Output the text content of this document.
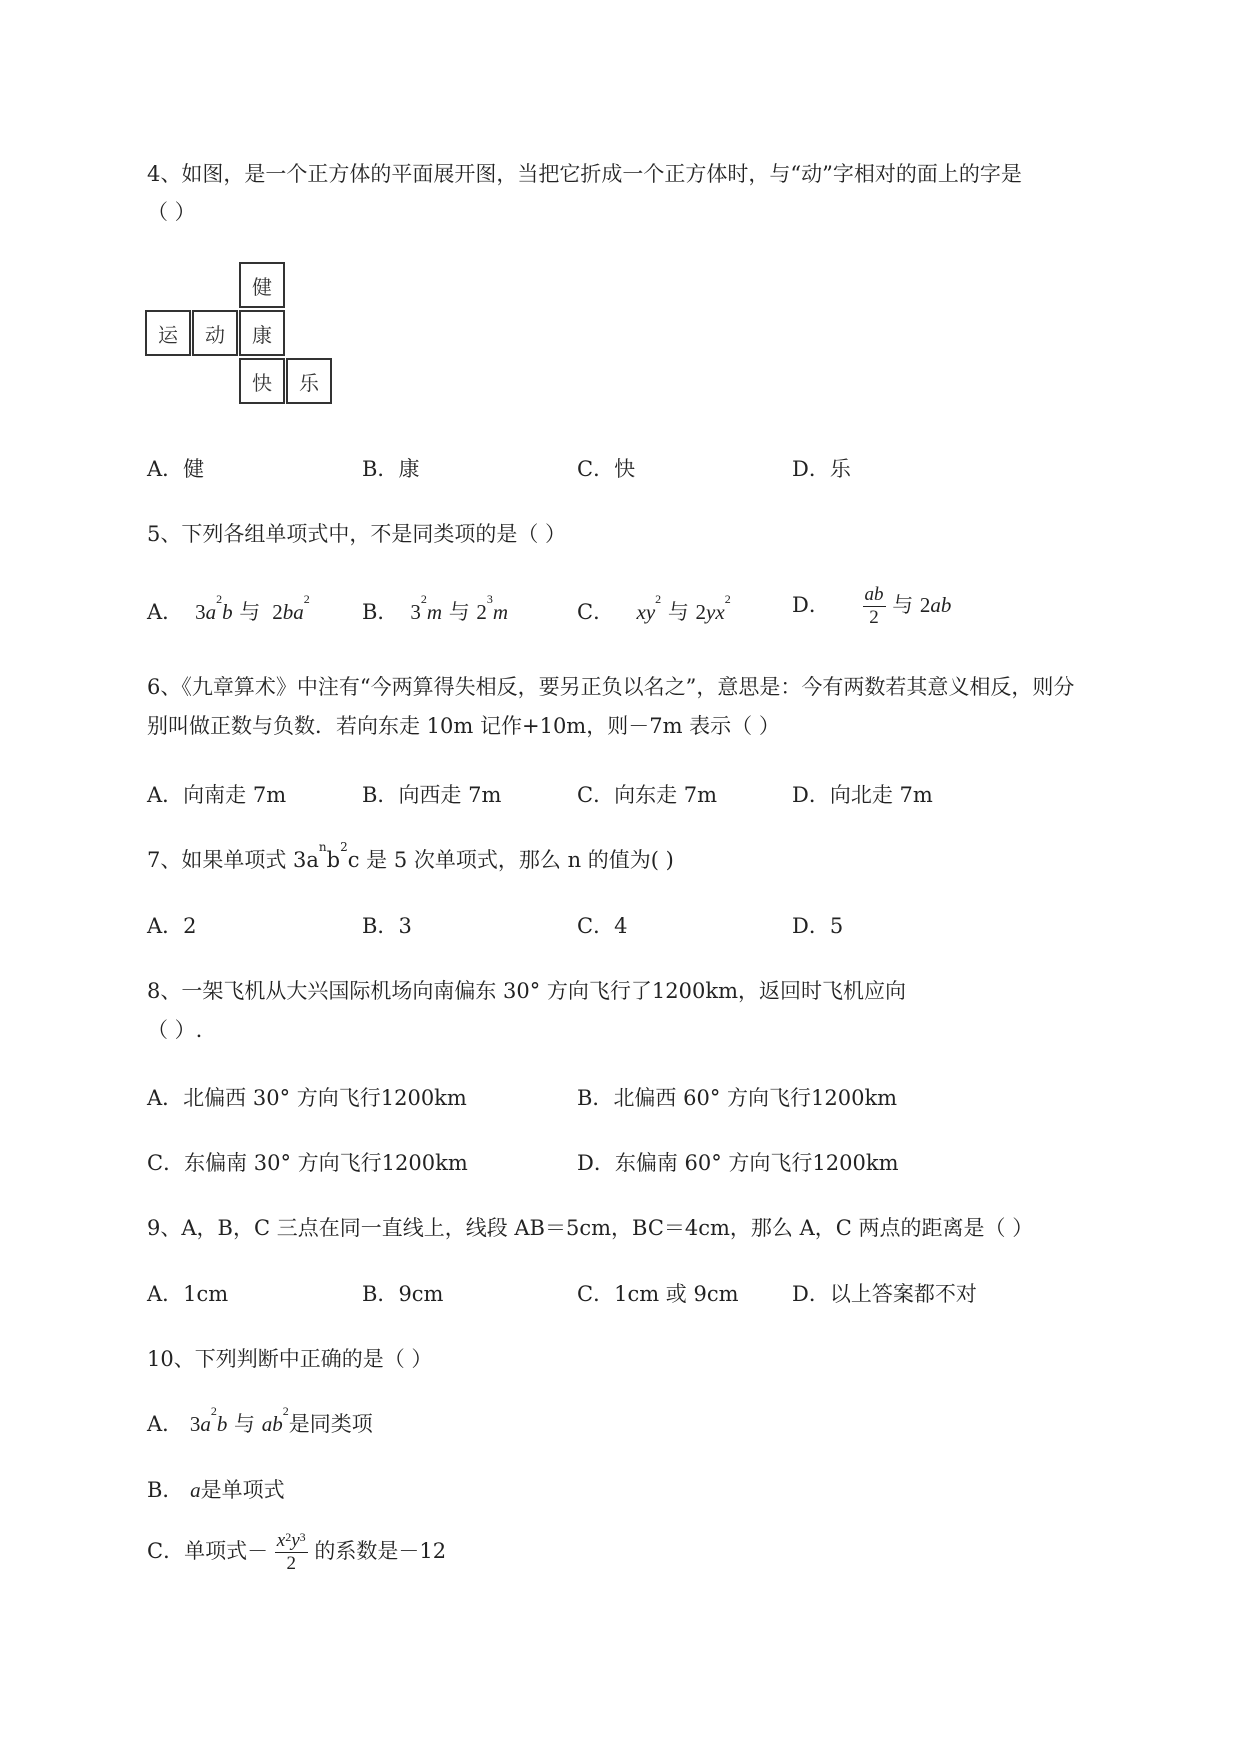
4、如图，是一个正方体的平面展开图，当把它折成一个正方体时，与“动”字相对的面上的字是
（ ）
健
运	动	康
快	乐
A．健	B．康	C．快	D．乐
5、下列各组单项式中，不是同类项的是（ ）
A．  $3a^2b$ 与  $2ba^2$
B．  $3^2m$ 与 $2^3m$	C． $xy^2$ 与 $2yx^2$	D． $\frac{ab}{2}$ 与 2ab
6、《九章算术》中注有“今两算得失相反，要另正负以名之”，意思是：今有两数若其意义相反，则分
别叫做正数与负数．若向东走 10m 记作+10m，则－7m 表示（ ）
A．向南走 7m	B．向西走 7m	C．向东走 7m	D．向北走 7m
7、如果单项式 $3a^nb^2c$ 是 5 次单项式，那么 n 的值为( )
A．2	B．3	C．4	D．5
8、一架飞机从大兴国际机场向南偏东 30° 方向飞行了1200km，返回时飞机应向
（ ）.
A．北偏西 30° 方向飞行1200km	B．北偏西 60° 方向飞行1200km
C．东偏南 30° 方向飞行1200km	D．东偏南 60° 方向飞行1200km
9、A，B，C 三点在同一直线上，线段 AB＝5cm，BC＝4cm，那么 A，C 两点的距离是（ ）
A．1cm	B．9cm	C．1cm 或 9cm	D．以上答案都不对
10、下列判断中正确的是（ ）
A． $3a^2b$ 与 $ab^2$是同类项
B． a是单项式
C．单项式－ $\frac{x^2y^3}{2}$ 的系数是－12
